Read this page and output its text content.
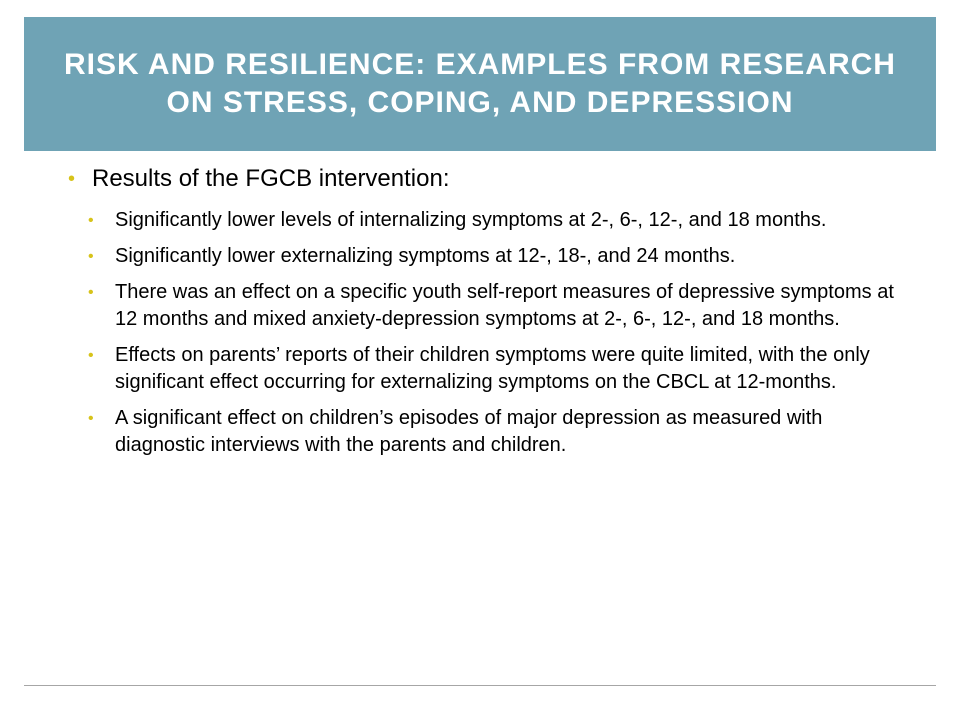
RISK AND RESILIENCE: EXAMPLES FROM RESEARCH ON STRESS, COPING, AND DEPRESSION
• Results of the FGCB intervention:
•	Significantly lower levels of internalizing symptoms at 2-, 6-, 12-, and 18 months.
•	Significantly lower externalizing symptoms at 12-, 18-, and 24 months.
•	There was an effect on a specific youth self-report measures of depressive symptoms at 12 months and mixed anxiety-depression symptoms at 2-, 6-, 12-, and 18 months.
•	Effects on parents’ reports of their children symptoms were quite limited, with the only significant effect occurring for externalizing symptoms on the CBCL at 12-months.
•	A significant effect on children’s episodes of major depression as measured with diagnostic interviews with the parents and children.
